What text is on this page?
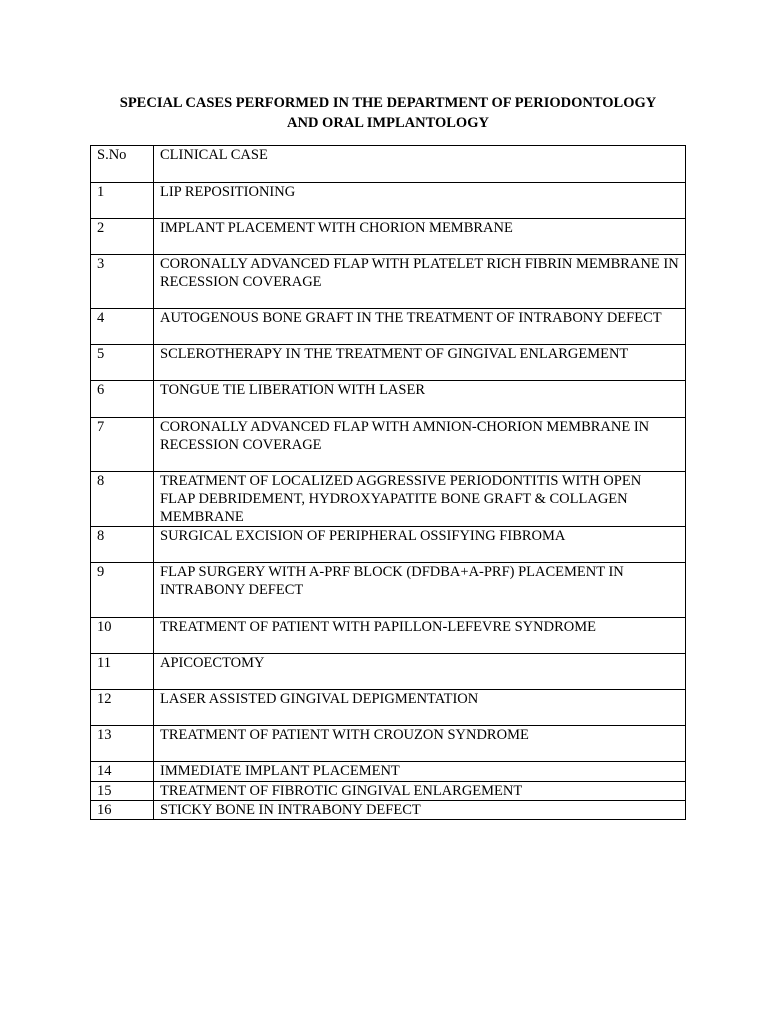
SPECIAL CASES PERFORMED IN THE DEPARTMENT OF PERIODONTOLOGY
AND ORAL IMPLANTOLOGY
S.No	CLINICAL CASE
1	LIP REPOSITIONING
2	IMPLANT PLACEMENT WITH CHORION MEMBRANE
3	CORONALLY ADVANCED FLAP WITH PLATELET RICH FIBRIN MEMBRANE IN RECESSION COVERAGE
4	AUTOGENOUS BONE GRAFT IN THE TREATMENT OF INTRABONY DEFECT
5	SCLEROTHERAPY IN THE TREATMENT OF GINGIVAL ENLARGEMENT
6	TONGUE TIE LIBERATION WITH LASER
7	CORONALLY ADVANCED FLAP WITH AMNION-CHORION MEMBRANE IN RECESSION COVERAGE
8	TREATMENT OF LOCALIZED AGGRESSIVE PERIODONTITIS WITH OPEN FLAP DEBRIDEMENT, HYDROXYAPATITE BONE GRAFT & COLLAGEN MEMBRANE
8	SURGICAL EXCISION OF PERIPHERAL OSSIFYING FIBROMA
9	FLAP SURGERY WITH A-PRF BLOCK (DFDBA+A-PRF) PLACEMENT IN INTRABONY DEFECT
10	TREATMENT OF PATIENT WITH PAPILLON-LEFEVRE SYNDROME
11	APICOECTOMY
12	LASER ASSISTED GINGIVAL DEPIGMENTATION
13	TREATMENT OF PATIENT WITH CROUZON SYNDROME
14	IMMEDIATE IMPLANT PLACEMENT
15	TREATMENT OF FIBROTIC GINGIVAL ENLARGEMENT
16	STICKY BONE IN INTRABONY DEFECT
